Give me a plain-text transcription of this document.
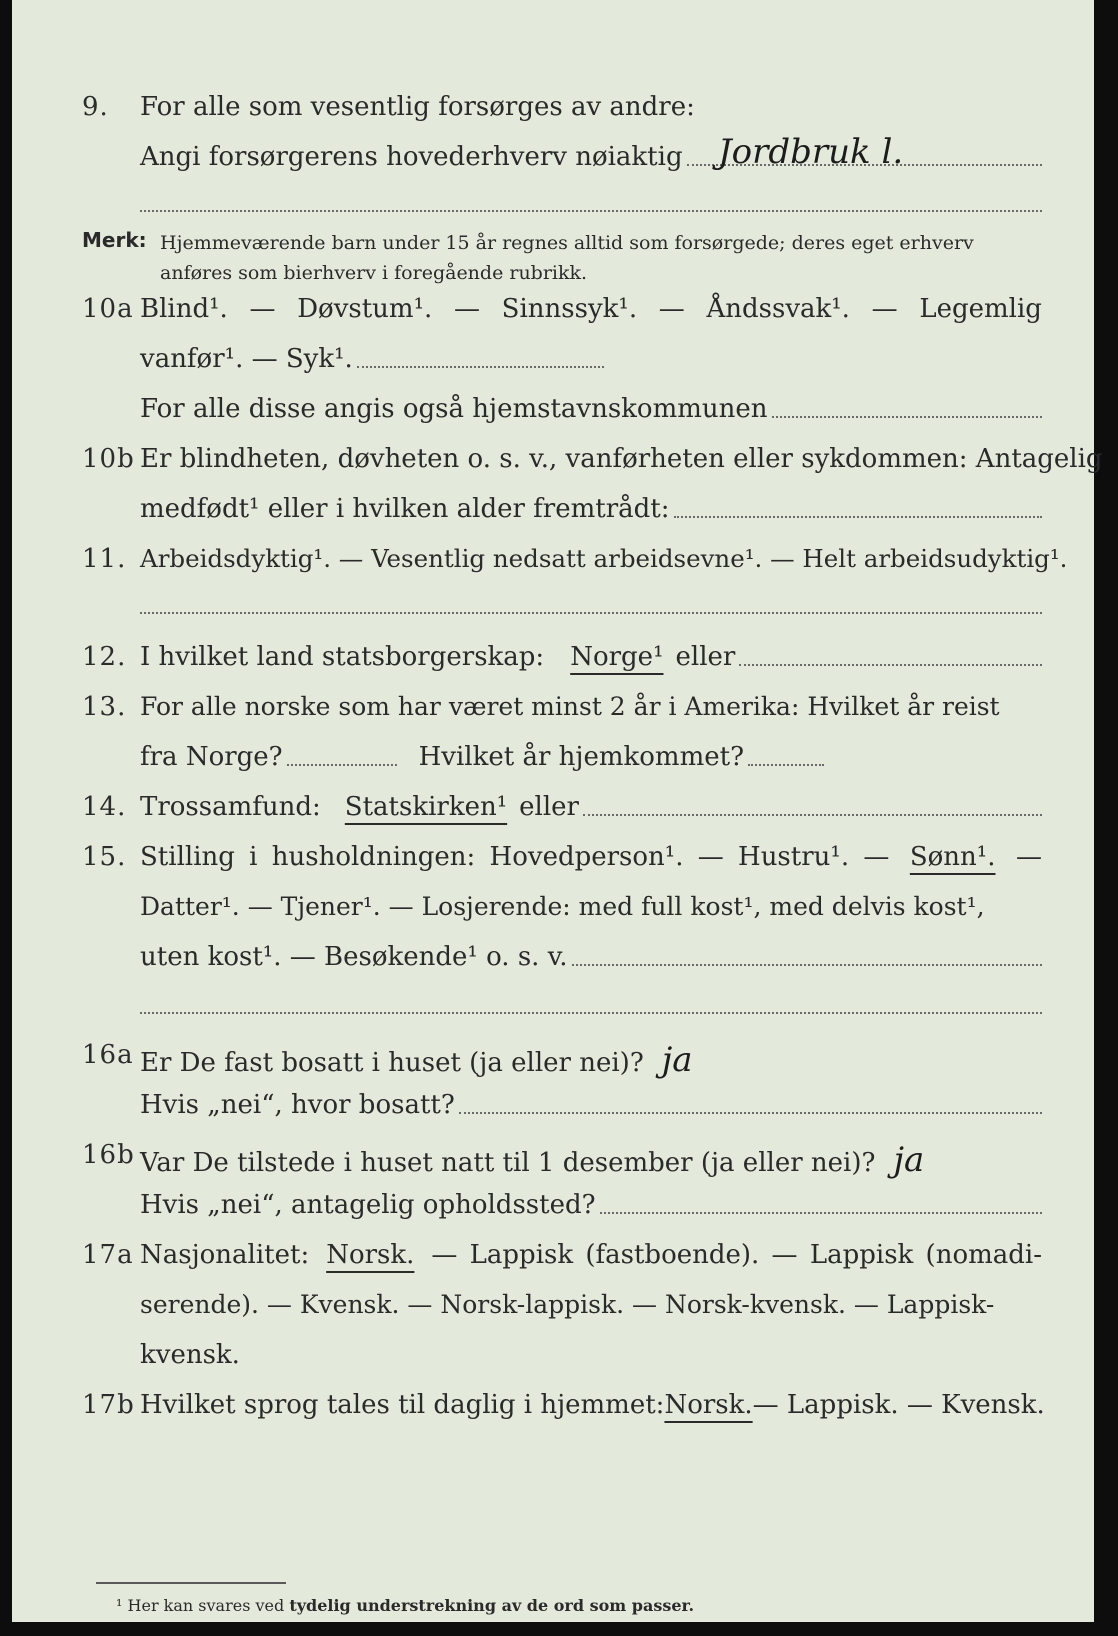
9. For alle som vesentlig forsørges av andre:
Angi forsørgerens hovederhverv nøiaktig Jordbruk l.
Merk: Hjemmeværende barn under 15 år regnes alltid som forsørgede; deres eget erhverv anføres som bierhverv i foregående rubrikk.
10a Blind¹. — Døvstum¹. — Sinnssyk¹. — Åndssvak¹. — Legemlig
vanfør¹. — Syk¹.
For alle disse angis også hjemstavnskommunen
10b Er blindheten, døvheten o. s. v., vanførheten eller sykdommen: Antagelig
medfødt¹ eller i hvilken alder fremtrådt:
11. Arbeidsdyktig¹. — Vesentlig nedsatt arbeidsevne¹. — Helt arbeidsudyktig¹.
12. I hvilket land statsborgerskap: Norge¹ eller
13. For alle norske som har været minst 2 år i Amerika: Hvilket år reist
fra Norge?	Hvilket år hjemkommet?
14. Trossamfund: Statskirken¹ eller
15. Stilling i husholdningen: Hovedperson¹. — Hustru¹. — Sønn¹. —
Datter¹. — Tjener¹. — Losjerende: med full kost¹, med delvis kost¹,
uten kost¹. — Besøkende¹ o. s. v.
16a Er De fast bosatt i huset (ja eller nei)? ja
Hvis „nei“, hvor bosatt?
16b Var De tilstede i huset natt til 1 desember (ja eller nei)? ja
Hvis „nei“, antagelig opholdssted?
17a Nasjonalitet: Norsk. — Lappisk (fastboende). — Lappisk (nomadi-
serende). — Kvensk. — Norsk-lappisk. — Norsk-kvensk. — Lappisk-
kvensk.
17b Hvilket sprog tales til daglig i hjemmet: Norsk. — Lappisk. — Kvensk.
¹ Her kan svares ved tydelig understrekning av de ord som passer.
